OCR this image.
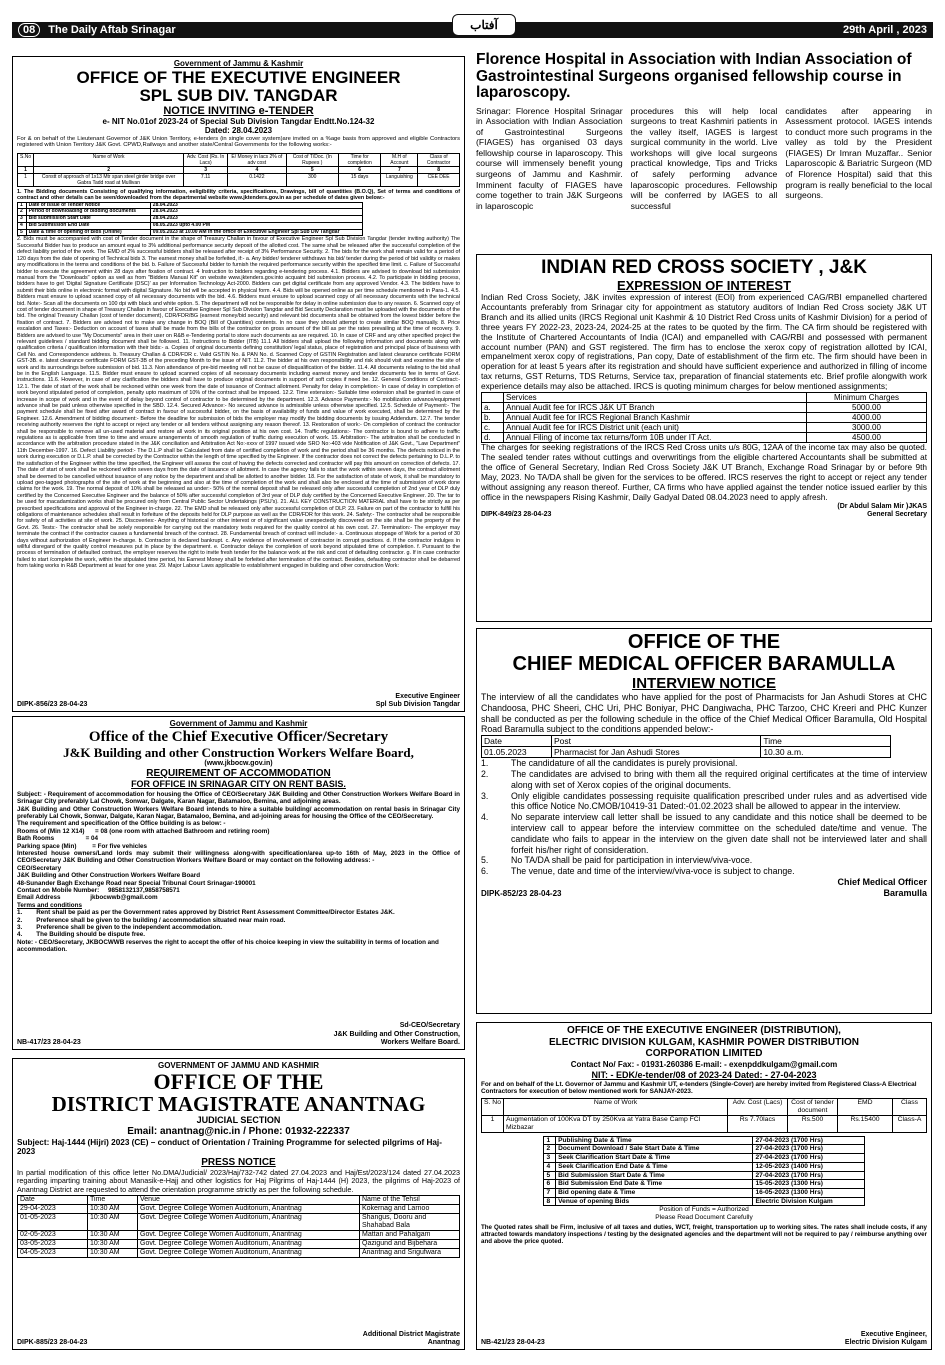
08	The Daily Aftab Srinagar	آفتاب	29th April , 2023
Government of Jammu & Kashmir
OFFICE OF THE EXECUTIVE ENGINEER
SPL SUB DIV. TANGDAR
NOTICE INVITING e-TENDER
e- NIT No.01of 2023-24 of Special Sub Division Tangdar Endtt.No.124-32
Dated: 28.04.2023
For & on behalf of the Lieutenant Governor of J&K Union Territory, e-tenders (in single cover system)are invited on a %age basis from approved and eligible Contractors registered with Union Territory J&K Govt. CPWD,Railways and another state/Central Governments for the following works:-
S.No	Name of Work	Adv. Cost (Rs. In Lacs)	E/ Money in lacs 2% of adv cost	Cost of T/Doc. (In Rupees )	Time for completion	M.H of Account	Class of Contractor
1	2	3	4	5	6	7	8
1	Constt of approach of 1x13 Mtr span steel girder bridge over Gabra Tadd road at Mullivan	7.11	0.1422	300	15 days	Languishing	CEE DEE
1. The Bidding documents Consisting of qualifying information, eeligibility criteria, specifications, Drawings, bill of quantities (B.O.Q), Set of terms and conditions of contract and other details can be seen/downloaded from the departmental website www.jktenders.gov.in as per schedule of dates given below:-
1	Date of Issue of Tender Notice	28.04.2023
2	Period of downloading of bidding documents	28.04.2023
3	Bid submission Start Date	28.04.2023
4	Bid Submission End Date	08.05.2023 upto 4.00 PM
5	Date & time of opening of Bids (Online)	09.05.2023 at 10.00 AM in the office of Executive Engineer Spl Sub Div Tangdar
2. Bids must be accompanied with cost of Tender document in the shape of Treasury Challan in favour of Executive Engineer Spl Sub Division Tangdar (tender inviting authority) The Successful Bidder has to produce an amount equal to 3% additional performance security deposit of the allotted cost. The same shall be released after the successful completion of the defect liability period of the work. The EMD of 2% successful bidders shall be released after receipt of 3% Performance Security. 2. The bids for the work shall remain valid for a period of 120 days from the date of opening of Technical bids 3. The earnest money shall be forfeited, if:- a. Any bidder/ tenderer withdraws his bid/ tender during the period of bid validity or makes any modifications in the terms and conditions of the bid. b. Failure of Successful bidder to furnish the required performance security within the specified time limit. c. Failure of Successful bidder to execute the agreement within 28 days after fixation of contract. 4 Instruction to bidders regarding e-tendering process. 4.1. Bidders are advised to download bid submission manual from the "Downloads" option as well as from "Bidders Manual Kit" on website www.jktenders.gov.into acquaint bid submission process. 4.2. To participate in bidding process, bidders have to get 'Digital Signature Certificate (DSC)' as per Information Technology Act-2000. Bidders can get digital certificate from any approved Vendor. 4.3. The bidders have to submit their bids online in electronic format with digital Signature. No bid will be accepted in physical form. 4.4. Bids will be opened online as per time schedule mentioned in Para-1. 4.5. Bidders must ensure to upload scanned copy of all necessary documents with the bid. 4.6. Bidders must ensure to upload scanned copy of all necessary documents with the technical bid. Note:- Scan all the documents on 100 dpi with black and white option. 5. The department will not be responsible for delay in online submission due to any reason. 6. Scanned copy of cost of tender document in shape of Treasury Challan in favour of Executive Engineer Spl Sub Division Tangdar and Bid Security Declaration must be uploaded with the documents of the bid. The original Treasury Challan (cost of tender document), CDR/FDR/BG (earnest money/bid security) and relevant bid documents shall be obtained from the lowest bidder before the fixation of contract. 7. Bidders are advised not to make any change in BOQ (Bill of Quantities) contents. In no case they should attempt to create similar BOQ manually. 8. Price escalation and Taxes:- Deduction on account of taxes shall be made from the bills of the contractor on gross amount of the bill as per the rates prevailing at the time of recovery. 9. Bidders are advised to use "My Documents" area in their user on R&B e-Tendering portal to store such documents as are required. 10. In case of CRF and any other specified project the relevant guidelines / standard bidding document shall be followed. 11. Instructions to Bidder (ITB) 11.1 All bidders shall upload the following information and documents along with qualification criteria / qualification information with their bids:- a. Copies of original documents defining constitution/ legal status, place of registration and principal place of business with Cell No. and Correspondence address. b. Treasury Challan & CDR/FDR c. Valid GSTIN No. & PAN No. d. Scanned Copy of GSTIN Registration and latest clearance certificate FORM GST-3B. e. latest clearance certificate FORM GST-3B of the preceding Month to the issue of NIT. 11.2. The bidder at his own responsibility and risk should visit and examine the site of work and its surroundings before submission of bid. 11.3. Non attendance of pre-bid meeting will not be cause of disqualification of the bidder. 11.4. All documents relating to the bid shall be in the English Language. 11.5. Bidder must ensure to upload scanned copies of all necessary documents including earnest money and tender documents fee in terms of Govt. instructions. 11.6. However, in case of any clarification the bidders shall have to produce original documents in support of soft copies if need be. 12. General Conditions of Contract:- 12.1. The date of start of the work shall be reckoned within one week from the date of issuance of Contract allotment. Penalty for delay in completion:- In case of delay in completion of work beyond stipulated period of completion, penalty upto maximum of 10% of the contract shall be imposed. 12.2. Time extension:- Suitable time extension shall be granted in case of increase in scope of work and in the event of delay beyond control of contractor to be determined by the department. 12.3. Advance Payments:- No mobilization advance/equipment advance shall be paid unless otherwise specified in the SBD. 12.4. Secured Advance:- No secured advance is admissible unless otherwise specified. 12.5. Schedule of Payment:- The payment schedule shall be fixed after award of contract in favour of successful bidder, on the basis of availability of funds and value of work executed, shall be determined by the Engineer. 12.6. Amendment of bidding document:- Before the deadline for submission of bids the employer may modify the bidding documents by issuing Addendum. 12.7. The tender receiving authority reserves the right to accept or reject any tender or all tenders without assigning any reason thereof. 13. Restoration of work:- On completion of contract the contractor shall be responsible to remove all un-used material and restore all work in its original position at his own cost. 14. Traffic regulations:- The contractor is bound to adhere to traffic regulations as is applicable from time to time and ensure arrangements of smooth regulation of traffic during execution of work. 15. Arbitration:- The arbitration shall be conducted in accordance with the arbitration procedure stated in the J&K conciliation and Arbitration Act No:-xxxv of 1997 issued vide SRO No:-403 vide Notification of J&K Govt., "Law Department" 11th December-1997. 16. Defect Liability period:- The D.L.P shall be Calculated from date of certified completion of work and the period shall be 36 months. The defects noticed in the work during execution or D.L.P. shall be corrected by the Contractor within the length of time specified by the Engineer. If the contractor does not correct the defects pertaining to D.L.P. to the satisfaction of the Engineer within the time specified, the Engineer will assess the cost of having the defects corrected and contractor will pay this amount on correction of defects. 17. The date of start of work shall be reckoned within seven days from the date of issuance of allotment. In case the agency fails to start the work within seven days, the contract allotment shall be deemed to be cancelled without issuance of any notice by the department and shall be allotted to another bidder. 18. For the satisfaction of state of work, it shall be mandatory to upload geo-tagged photographs of the site of work at the beginning and also at the time of completion of the work and shall also be enclosed at the time of submission of work done claims for the work. 19. The normal deposit of 10% shall be released as under:- 50% of the normal deposit shall be released only after successful completion of 2nd year of DLP duly certified by the Concerned Executive Engineer and the balance of 50% after successful completion of 3rd year of DLP duly certified by the Concerned Executive Engineer. 20. The tar to be used for macadamization works shall be procured only from Central Public Sector Undertakings (PSU's). 21. ALL KEY CONSTRUCTION MATERIAL shall have to be strictly as per prescribed specifications and approval of the Engineer in-charge. 22. The EMD shall be released only after successful completion of DLP. 23. Failure on part of the contractor to fulfill his obligations of maintenance schedules shall result in forfeiture of the deposits held for DLP purpose as well as the CDR/FDR for this work. 24. Safety:- The contractor shall be responsible for safety of all activities at site of work. 25. Discoveries:- Anything of historical or other interest or of significant value unexpectedly discovered on the site shall be the property of the Govt. 26. Tests:- The contractor shall be solely responsible for carrying out the mandatory tests required for the quality control at his own cost. 27. Termination:- The employer may terminate the contract if the contractor causes a fundamental breach of the contract. 28. Fundamental breach of contract will include:- a. Continuous stoppage of Work for a period of 30 days without authorization of Engineer in-charge. b. Contractor is declared bankrupt. c. Any evidence of involvement of contractor in corrupt practices. d. If the contractor indulges in willful disregard of the quality control measures put in place by the department. e. Contractor delays the completion of work beyond stipulated time of completion. f. Pursuant to the process of termination of defaulted contract, the employer reserves the right to invite fresh tender for the balance work at the risk and cost of defaulting contractor. g. If in case contractor failed to start /complete the work, within the stipulated time period, his Earnest Money shall be forfeited after termination of the contract. Besides, defaulting contractor shall be debarred from taking works in R&B Department at least for one year. 29. Major Labour Laws applicable to establishment engaged in building and other construction Work:
DIPK-856/23 28-04-23
Executive Engineer
Spl Sub Division Tangdar
Government of Jammu and Kashmir
Office of the Chief Executive Officer/Secretary
J&K Building and other Construction Workers Welfare Board,
(www.jkbocw.gov.in)
REQUIREMENT OF ACCOMMODATION
FOR OFFICE IN SRINAGAR CITY ON RENT BASIS.
Subject: - Requirement of accommodation for housing the Office of CEO/Secretary J&K Building and Other Construction Workers Welfare Board in Srinagar City preferably Lal Chowk, Sonwar, Dalgate, Karan Nagar, Batamaloo, Bemina, and adjoining areas.
J&K Building and Other Construction Workers Welfare Board intends to hire a suitable building/ accommodation on rental basis in Srinagar City preferably Lal Chowk, Sonwar, Dalgate, Karan Nagar, Batamaloo, Bemina, and ad-joining areas for housing the Office of the CEO/Secretary.
The requirement and specification of the Office building is as below: -
Rooms of (Min 12 X14)      = 08 (one room with attached Bathroom and retiring room)
Bath Rooms                  = 04
Parking space (Min)         = For five vehicles
Interested house owners/Land lords may submit their willingness along-with specification/area up-to 16th of May, 2023 in the Office of CEO/Secretary J&K Building and Other Construction Workers Welfare Board or may contact on the following address: -
CEO/Secretary
J&K Building and Other Construction Workers Welfare Board
48-Sunander Bagh Exchange Road near Special Tribunal Court Srinagar-190001
Contact on Mobile Number:     9858132137,9858758571
Email Address                 jkbocwwb@gmail.com
Terms and conditions
1.        Rent shall be paid as per the Government rates approved by District Rent Assessment Committee/Director Estates J&K.
2.        Preference shall be given to the building / accommodation situated near main road.
3.        Preference shall be given to the independent accommodation.
4.        The Building should be dispute free.
Note: - CEO/Secretary, JKBOCWWB reserves the right to accept the offer of his choice keeping in view the suitability in terms of location and accommodation.
NB-417/23 28-04-23
Sd-CEO/Secretary
J&K Building and Other Construction,
Workers Welfare Board.
GOVERNMENT OF JAMMU AND KASHMIR
OFFICE OF THE
DISTRICT MAGISTRATE ANANTNAG
JUDICIAL SECTION
Email: anantnag@nic.in / Phone: 01932-222337
Subject: Haj-1444 (Hijri) 2023 (CE) – conduct of Orientation / Training Programme for selected pilgrims of Haj-2023
PRESS NOTICE
In partial modification of this office letter No.DMA/Judicial/ 2023/Haj/732-742 dated 27.04.2023 and Haj/Est/2023/124 dated 27.04.2023 regarding imparting training about Manasik-e-Hajj and other logistics for Haj Pilgrims of Haj-1444 (H) 2023, the pilgrims of Haj-2023 of Anantnag District are requested to attend the orientation programme strictly as per the following schedule.
Date	Time	Venue	Name of the Tehsil
29-04-2023	10:30 AM	Govt. Degree College Women Auditorium, Anantnag	Kokernag and Larnoo
01-05-2023	10:30 AM	Govt. Degree College Women Auditorium, Anantnag	Shangus, Dooru and Shahabad Bala
02-05-2023	10:30 AM	Govt. Degree College Women Auditorium, Anantnag	Mattan and Pahalgam
03-05-2023	10:30 AM	Govt. Degree College Women Auditorium, Anantnag	Qazigund and Bijbehara
04-05-2023	10:30 AM	Govt. Degree College Women Auditorium, Anantnag	Anantnag and Srigufwara
DIPK-885/23 28-04-23
Additional District Magistrate
Anantnag
Florence Hospital in Association with Indian Association of Gastrointestinal Surgeons organised fellowship course in laparoscopy.
Srinagar: Florence Hospital Srinagar in Association with Indian Association of Gastrointestinal Surgeons (FIAGES) has organised 03 days fellowship course in laparoscopy. This course will immensely benefit young surgeons of Jammu and Kashmir. Imminent faculty of FIAGES have come together to train J&K Surgeons in laparoscopic
procedures this will help local surgeons to treat Kashmiri patients in the valley itself, IAGES is largest surgical community in the world. Live workshops will give local surgeons practical knowledge, Tips and Tricks of safely performing advance laparoscopic procedures. Fellowship will be conferred by IAGES to all successful
candidates after appearing in Assessment protocol. IAGES intends to conduct more such programs in the valley as told by the President (FIAGES) Dr Imran Muzaffar.. Senior Laparoscopic & Bariatric Surgeon (MD of Florence Hospital) said that this program is really beneficial to the local surgeons.
INDIAN RED CROSS SOCIETY , J&K
EXPRESSION OF INTEREST
Indian Red Cross Society, J&K invites expression of interest (EOI) from experienced CAG/RBI empanelled chartered Accountants preferably from Srinagar city for appointment as statutory auditors of Indian Red Cross society J&K UT Branch and its allied units (IRCS Regional unit Kashmir & 10 District Red Cross units of Kashmir Division) for a period of three years FY 2022-23, 2023-24, 2024-25 at the rates to be quoted by the firm. The CA firm should be registered with the Institute of Chartered Accountants of India (ICAI) and empanelled with CAG/RBI and possessed with permanent account number (PAN) and GST registered. The firm has to enclose the xerox copy of registration allotted by ICAI, empanelment xerox copy of registrations, Pan copy, Date of establishment of the firm etc. The firm should have been in operation for at least 5 years after its registration and should have sufficient experience and authorized in filling of income tax returns, GST Returns, TDS Returns, Service tax, preparation of financial statements etc. Brief profile alongwith work experience details may also be attached. IRCS is quoting minimum charges for below mentioned assignments;
	Services	Minimum Charges
a.	Annual Audit fee for IRCS J&K UT Branch	5000.00
b.	Annual Audit fee for IRCS Regional Branch Kashmir	4000.00
c.	Annual Audit fee for IRCS District unit (each unit)	3000.00
d.	Annual Filing of income tax returns/form 10B under IT Act.	4500.00
The charges for seeking registrations of the IRCS Red Cross units u/s 80G, 12AA of the income tax may also be quoted. The sealed tender rates without cuttings and overwritings from the eligible chartered Accountants shall be submitted at the office of General Secretary, Indian Red Cross Society J&K UT Branch, Exchange Road Srinagar by or before 9th May, 2023. No TA/DA shall be given for the services to be offered. IRCS reserves the right to accept or reject any tender without assigning any reason thereof. Further, CA firms who have applied against the tender notice issued earlier by this office in the newspapers Rising Kashmir, Daily Gadyal Dated 08.04.2023 need to apply afresh.
(Dr Abdul Salam Mir )JKAS
DIPK-849/23 28-04-23	General Secretary
OFFICE OF THE
CHIEF MEDICAL OFFICER BARAMULLA
INTERVIEW NOTICE
The interview of all the candidates who have applied for the post of Pharmacists for Jan Ashudi Stores at CHC Chandoosa, PHC Sheeri, CHC Uri, PHC Boniyar, PHC Dangiwacha, PHC Tarzoo, CHC Kreeri and PHC Kunzer shall be conducted as per the following schedule in the office of the Chief Medical Officer Baramulla, Old Hospital Road Baramulla subject to the conditions appended below:-
Date	Post	Time
01.05.2023	Pharmacist for Jan Ashudi Stores	10.30 a.m.
1.	The candidature of all the candidates is purely provisional.
2.	The candidates are advised to bring with them all the required original certificates at the time of interview along with set of Xerox copies of the original documents.
3.	Only eligible candidates possessing requisite qualification prescribed under rules and as advertised vide this office Notice No.CMOB/10419-31 Dated:-01.02.2023 shall be allowed to appear in the interview.
4.	No separate interview call letter shall be issued to any candidate and this notice shall be deemed to be interview call to appear before the interview committee on the scheduled date/time and venue. The candidate who fails to appear in the interview on the given date shall not be interviewed later and shall forfeit his/her right of consideration.
5.	No TA/DA shall be paid for participation in interview/viva-voce.
6.	The venue, date and time of the interview/viva-voce is subject to change.
Chief Medical Officer
DIPK-852/23 28-04-23	Baramulla
OFFICE OF THE EXECUTIVE ENGINEER (DISTRIBUTION),
ELECTRIC DIVISION KULGAM, KASHMIR POWER DISTRIBUTION
CORPORATION LIMITED
Contact No/ Fax: - 01931-260386 E-mail: - exenpddkulgam@gmail.com
NIT: - EDK/e-tender/08 of 2023-24 Dated: - 27-04-2023
For and on behalf of the Lt. Governor of Jammu and Kashmir UT, e-tenders (Single-Cover) are hereby invited from Registered Class-A Electrical Contractors for execution of below mentioned work for SANJAY-2023.
S. No	Name of Work	Adv. Cost (Lacs)	Cost of tender document	EMD	Class
1	Augmentation of 100Kva DT by 250Kva at Yatra Base Camp FCI Mizbazar	Rs 7.70lacs	Rs.500	Rs.15400	Class-A
1	Publishing Date & Time	27-04-2023 (1700 Hrs)
2	Document Download / Sale Start Date & Time	27-04-2023 (1700 Hrs)
3	Seek Clarification Start Date & Time	27-04-2023 (1700 Hrs)
4	Seek Clarification End Date & Time	12-05-2023 (1400 Hrs)
5	Bid Submission Start Date & Time	27-04-2023 (1700 Hrs)
6	Bid Submission End Date & Time	15-05-2023 (1300 Hrs)
7	Bid opening date & Time	16-05-2023 (1300 Hrs)
8	Venue of opening Bids	Electric Division Kulgam
Position of Funds = Authorized
Please Read Document Carefully
The Quoted rates shall be Firm, inclusive of all taxes and duties, WCT, freight, transportation up to working sites. The rates shall include costs, if any attracted towards mandatory inspections / testing by the designated agencies and the department will not be required to pay / reimburse anything over and above the price quoted.
NB-421/23 28-04-23
Executive Engineer,
Electric Division Kulgam
